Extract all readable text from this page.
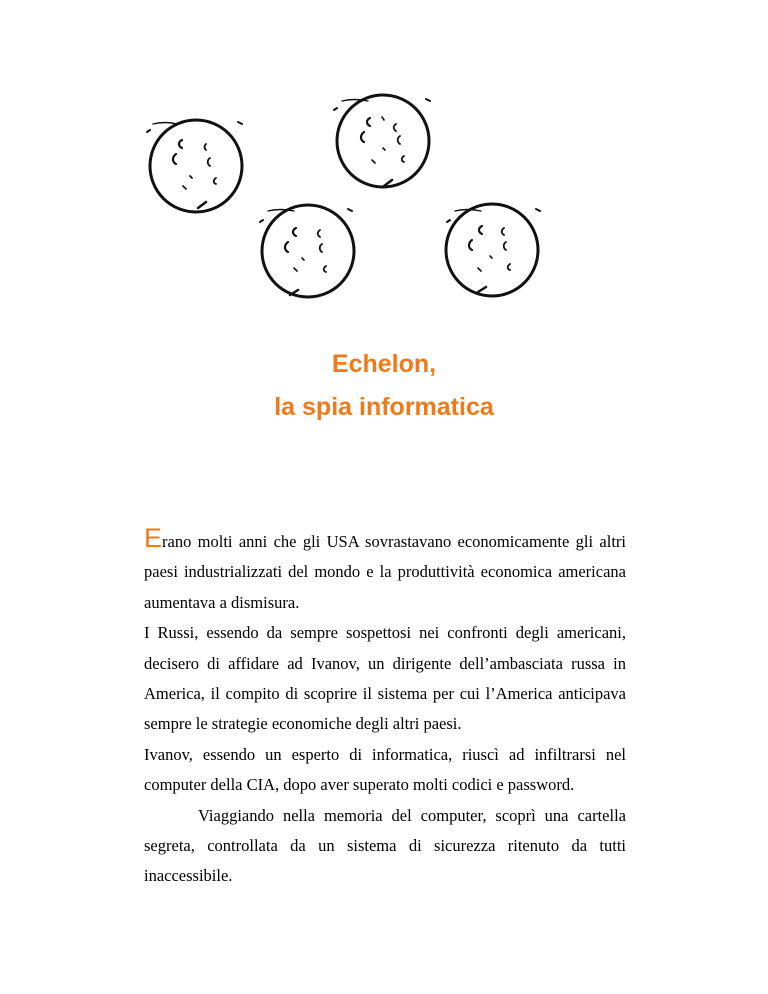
Echelon,
la spia informatica

Erano molti anni che gli USA sovrastavano economicamente gli altri paesi industrializzati del mondo e la produttività economica americana aumentava a dismisura.

I Russi, essendo da sempre sospettosi nei confronti degli americani, decisero di affidare ad Ivanov, un dirigente dell’ambasciata russa in America, il compito di scoprire il sistema per cui l’America anticipava sempre le strategie economiche degli altri paesi.

Ivanov, essendo un esperto di informatica, riuscì ad infiltrarsi nel computer della CIA, dopo aver superato molti codici e password.

Viaggiando nella memoria del computer, scoprì una cartella segreta, controllata da un sistema di sicurezza ritenuto da tutti inaccessibile.
